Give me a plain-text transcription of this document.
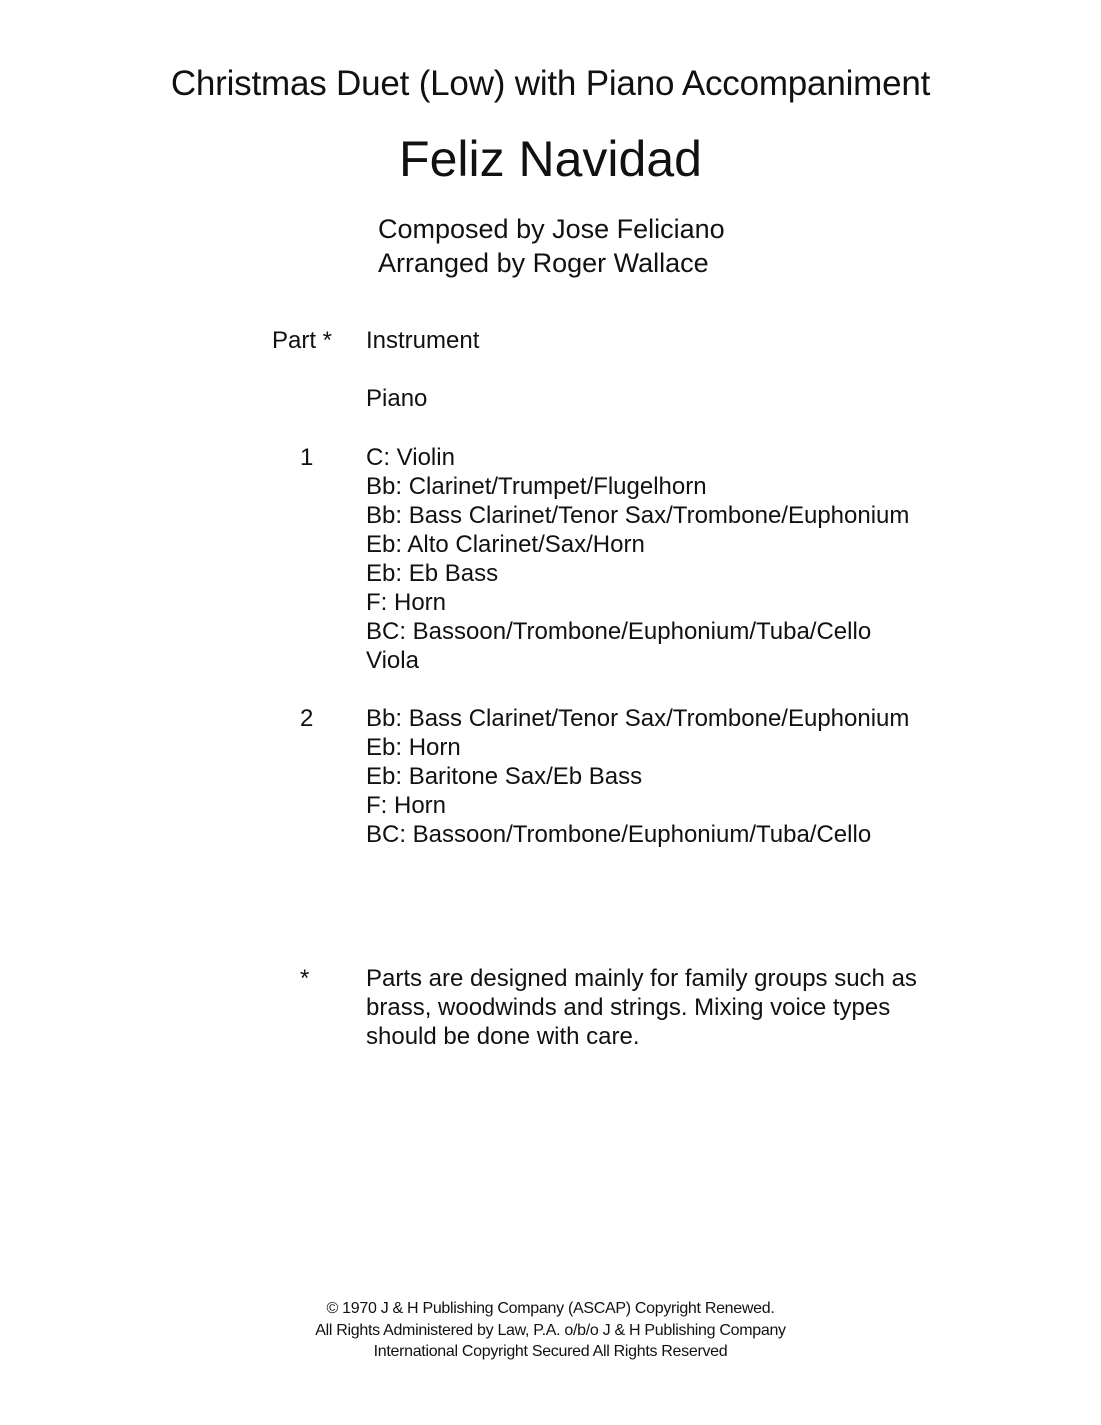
Christmas Duet (Low) with Piano Accompaniment
Feliz Navidad
Composed by Jose Feliciano
Arranged by Roger Wallace
Part * Instrument
Piano
1	C: Violin
Bb: Clarinet/Trumpet/Flugelhorn
Bb: Bass Clarinet/Tenor Sax/Trombone/Euphonium
Eb: Alto Clarinet/Sax/Horn
Eb: Eb Bass
F: Horn
BC: Bassoon/Trombone/Euphonium/Tuba/Cello
Viola
2	Bb: Bass Clarinet/Tenor Sax/Trombone/Euphonium
Eb: Horn
Eb: Baritone Sax/Eb Bass
F: Horn
BC: Bassoon/Trombone/Euphonium/Tuba/Cello
*	Parts are designed mainly for family groups such as brass, woodwinds and strings. Mixing voice types should be done with care.
© 1970 J & H Publishing Company (ASCAP) Copyright Renewed.
All Rights Administered by Law, P.A. o/b/o J & H Publishing Company
International Copyright Secured All Rights Reserved
